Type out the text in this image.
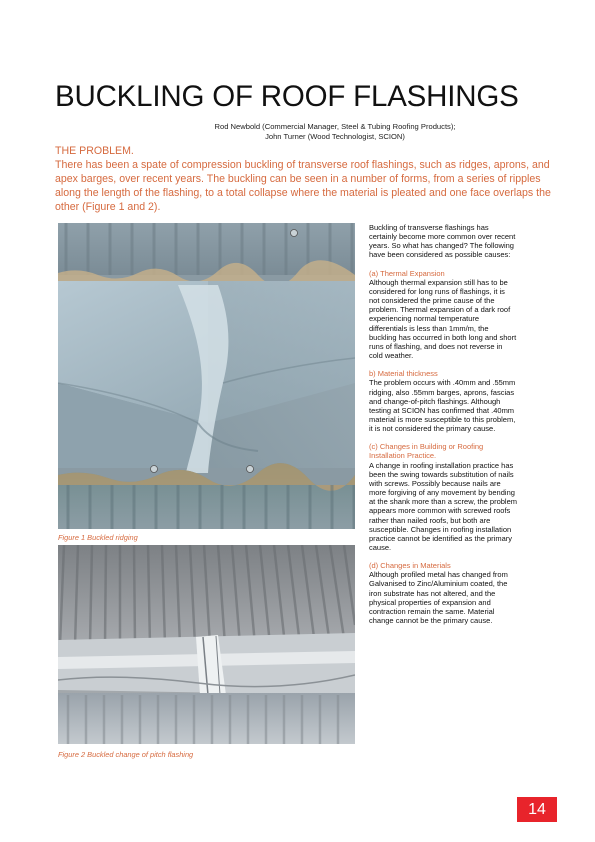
BUCKLING OF ROOF FLASHINGS
Rod Newbold (Commercial Manager, Steel & Tubing Roofing Products);
John Turner (Wood Technologist, SCION)
THE PROBLEM.

There has been a spate of compression buckling of transverse roof flashings, such as ridges, aprons, and apex barges, over recent years. The buckling can be seen in a number of forms, from a series of ripples along the length of the flashing, to a total collapse where the material is pleated and one face overlaps the other (Figure 1 and 2).

Figure 1 Buckled ridging
Figure 2 Buckled change of pitch flashing

Buckling of transverse flashings has certainly become more common over recent years. So what has changed? The following have been considered as possible causes:

(a) Thermal Expansion
Although thermal expansion still has to be considered for long runs of flashings, it is not considered the prime cause of the problem. Thermal expansion of a dark roof experiencing normal temperature differentials is less than 1mm/m, the buckling has occurred in both long and short runs of flashing, and does not reverse in cold weather.

b) Material thickness
The problem occurs with .40mm and .55mm ridging, also .55mm barges, aprons, fascias and change-of-pitch flashings. Although testing at SCION has confirmed that .40mm material is more susceptible to this problem, it is not considered the primary cause.

(c) Changes in Building or Roofing Installation Practice.
A change in roofing installation practice has been the swing towards substitution of nails with screws. Possibly because nails are more forgiving of any movement by bending at the shank more than a screw, the problem appears more common with screwed roofs rather than nailed roofs, but both are susceptible. Changes in roofing installation practice cannot be identified as the primary cause.

(d) Changes in Materials
Although profiled metal has changed from Galvanised to Zinc/Aluminium coated, the iron substrate has not altered, and the physical properties of expansion and contraction remain the same. Material change cannot be the primary cause.

14
